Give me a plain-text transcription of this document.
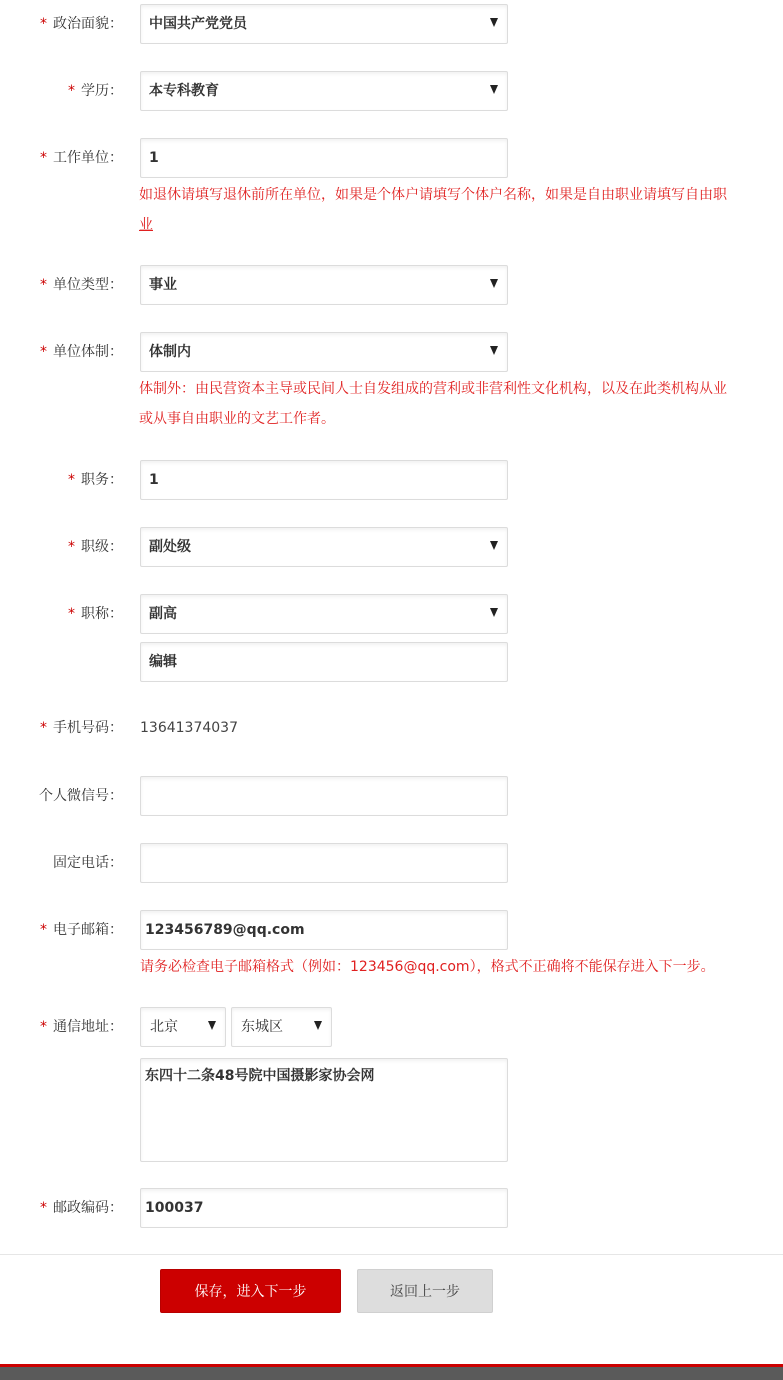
* 政治面貌： 中国共产党党员
* 学历： 本专科教育
* 工作单位： 1
如退休请填写退休前所在单位，如果是个体户请填写个体户名称，如果是自由职业请填写自由职
业
* 单位类型： 事业
* 单位体制： 体制内
体制外：由民营资本主导或民间人士自发组成的营利或非营利性文化机构，以及在此类机构从业
或从事自由职业的文艺工作者。
* 职务： 1
* 职级： 副处级
* 职称： 副高
编辑
* 手机号码： 13641374037
个人微信号：
固定电话：
* 电子邮箱： 123456789@qq.com
请务必检查电子邮箱格式（例如：123456@qq.com），格式不正确将不能保存进入下一步。
* 通信地址： 北京	东城区
东四十二条48号院中国摄影家协会网
* 邮政编码： 100037
保存，进入下一步	返回上一步
